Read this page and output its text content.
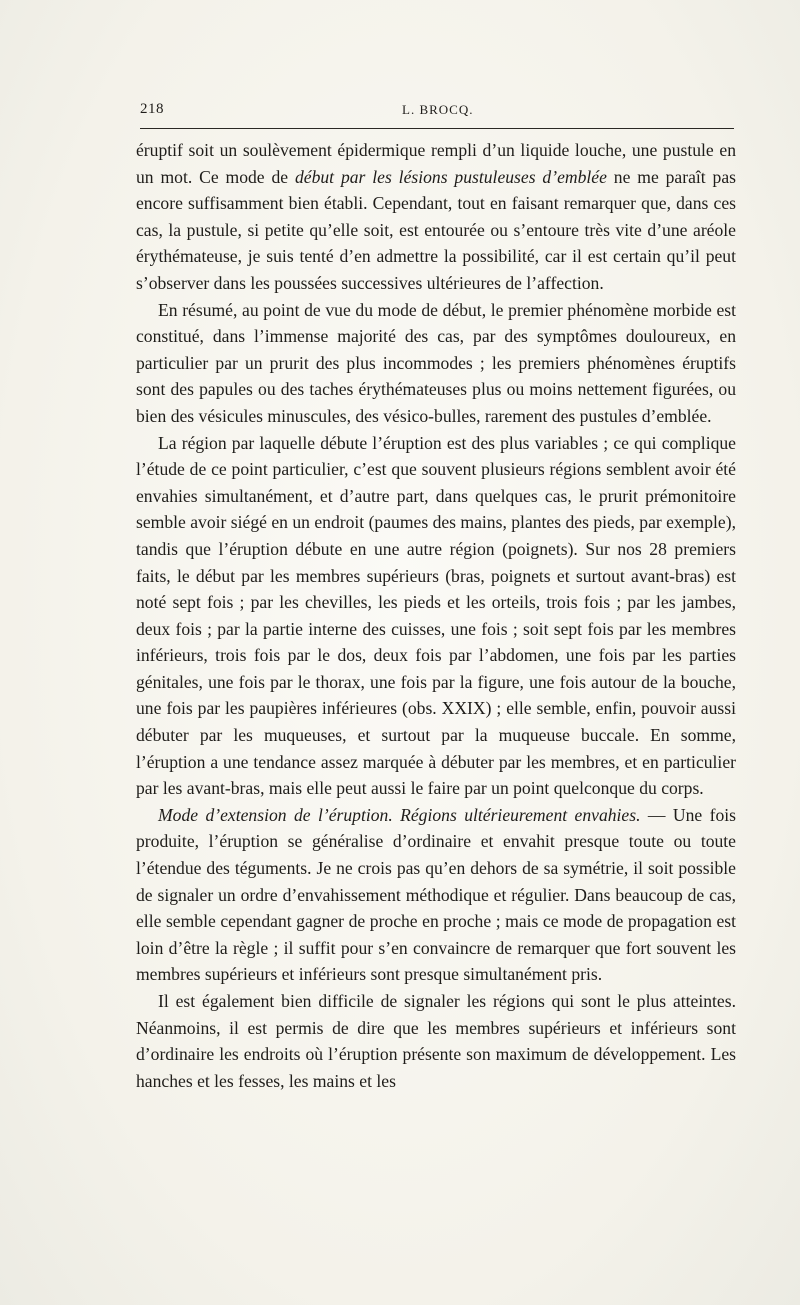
218	L. BROCQ.

éruptif soit un soulèvement épidermique rempli d’un liquide louche, une pustule en un mot. Ce mode de début par les lésions pustuleuses d’emblée ne me paraît pas encore suffisamment bien établi. Cependant, tout en faisant remarquer que, dans ces cas, la pustule, si petite qu’elle soit, est entourée ou s’entoure très vite d’une aréole érythémateuse, je suis tenté d’en admettre la possibilité, car il est certain qu’il peut s’observer dans les poussées successives ultérieures de l’affection.

En résumé, au point de vue du mode de début, le premier phénomène morbide est constitué, dans l’immense majorité des cas, par des symptômes douloureux, en particulier par un prurit des plus incommodes ; les premiers phénomènes éruptifs sont des papules ou des taches érythémateuses plus ou moins nettement figurées, ou bien des vésicules minuscules, des vésico-bulles, rarement des pustules d’emblée.

La région par laquelle débute l’éruption est des plus variables ; ce qui complique l’étude de ce point particulier, c’est que souvent plusieurs régions semblent avoir été envahies simultanément, et d’autre part, dans quelques cas, le prurit prémonitoire semble avoir siégé en un endroit (paumes des mains, plantes des pieds, par exemple), tandis que l’éruption débute en une autre région (poignets). Sur nos 28 premiers faits, le début par les membres supérieurs (bras, poignets et surtout avant-bras) est noté sept fois ; par les chevilles, les pieds et les orteils, trois fois ; par les jambes, deux fois ; par la partie interne des cuisses, une fois ; soit sept fois par les membres inférieurs, trois fois par le dos, deux fois par l’abdomen, une fois par les parties génitales, une fois par le thorax, une fois par la figure, une fois autour de la bouche, une fois par les paupières inférieures (obs. XXIX) ; elle semble, enfin, pouvoir aussi débuter par les muqueuses, et surtout par la muqueuse buccale. En somme, l’éruption a une tendance assez marquée à débuter par les membres, et en particulier par les avant-bras, mais elle peut aussi le faire par un point quelconque du corps.

Mode d’extension de l’éruption. Régions ultérieurement envahies. — Une fois produite, l’éruption se généralise d’ordinaire et envahit presque toute ou toute l’étendue des téguments. Je ne crois pas qu’en dehors de sa symétrie, il soit possible de signaler un ordre d’envahissement méthodique et régulier. Dans beaucoup de cas, elle semble cependant gagner de proche en proche ; mais ce mode de propagation est loin d’être la règle ; il suffit pour s’en convaincre de remarquer que fort souvent les membres supérieurs et inférieurs sont presque simultanément pris.

Il est également bien difficile de signaler les régions qui sont le plus atteintes. Néanmoins, il est permis de dire que les membres supérieurs et inférieurs sont d’ordinaire les endroits où l’éruption présente son maximum de développement. Les hanches et les fesses, les mains et les
